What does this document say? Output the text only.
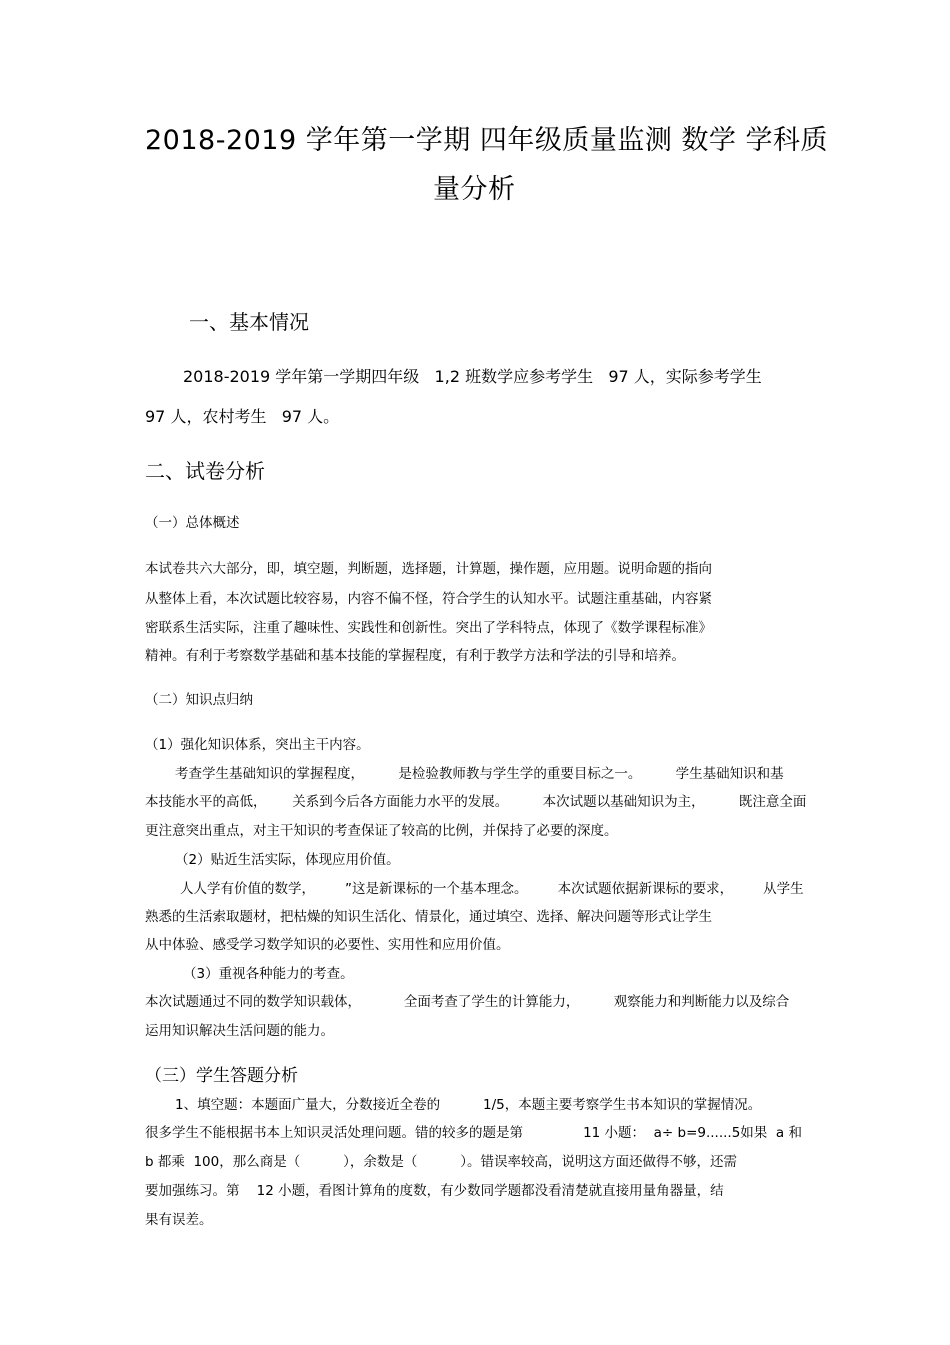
2018-2019 学年第一学期 四年级质量监测 数学 学科质
量分析
一、基本情况
2018-2019 学年第一学期四年级   1,2 班数学应参考学生   97 人，实际参考学生
97 人，农村考生   97 人。
二、试卷分析
（一）总体概述
本试卷共六大部分，即，填空题，判断题，选择题，计算题，操作题，应用题。说明命题的指向
从整体上看，本次试题比较容易，内容不偏不怪，符合学生的认知水平。试题注重基础，内容紧
密联系生活实际，注重了趣味性、实践性和创新性。突出了学科特点，体现了《数学课程标准》
精神。有利于考察数学基础和基本技能的掌握程度，有利于教学方法和学法的引导和培养。
（二）知识点归纳
（1）强化知识体系，突出主干内容。
考查学生基础知识的掌握程度，        是检验教师教与学生学的重要目标之一。        学生基础知识和基
本技能水平的高低，      关系到今后各方面能力水平的发展。        本次试题以基础知识为主，        既注意全面
更注意突出重点，对主干知识的考查保证了较高的比例，并保持了必要的深度。
（2）贴近生活实际，体现应用价值。
人人学有价值的数学，       ”这是新课标的一个基本理念。       本次试题依据新课标的要求，       从学生
熟悉的生活索取题材，把枯燥的知识生活化、情景化，通过填空、选择、解决问题等形式让学生
从中体验、感受学习数学知识的必要性、实用性和应用价值。
（3）重视各种能力的考查。
本次试题通过不同的数学知识载体，          全面考查了学生的计算能力，        观察能力和判断能力以及综合
运用知识解决生活问题的能力。
（三）学生答题分析
1、填空题：本题面广量大，分数接近全卷的          1/5，本题主要考察学生书本知识的掌握情况。
很多学生不能根据书本上知识灵活处理问题。错的较多的题是第              11 小题：  a÷ b=9......5如果  a 和
b 都乘  100，那么商是（          ），余数是（          ）。错误率较高，说明这方面还做得不够，还需
要加强练习。第    12 小题，看图计算角的度数，有少数同学题都没看清楚就直接用量角器量，结
果有误差。
